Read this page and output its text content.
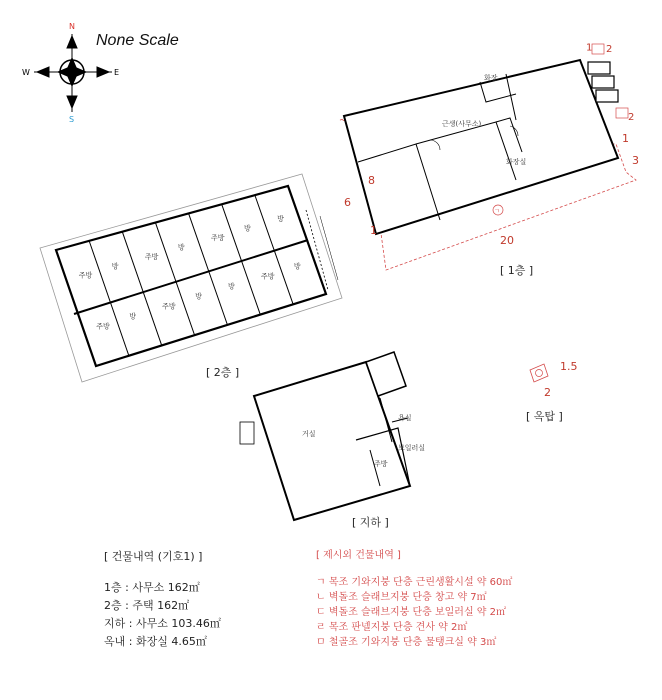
N
S
W	E
None Scale
근생(사무소)
화장
화장실
ㄱ
20
6
8
1
1
3
1 2
2
[ 1층 ]
주방
방
주방
방
주방
방
방
주방
방
주방
방
방
주방
방
[ 2층 ]
거실
욕실
보일러실
주방
[ 지하 ]
1.5
2
[ 옥탑 ]
[ 건물내역 (기호1) ]
1층 : 사무소 162㎡
2층 : 주택 162㎡
지하 : 사무소 103.46㎡
옥내 : 화장실 4.65㎡
[ 제시외 건물내역 ]
ㄱ 목조 기와지붕 단층 근린생활시설 약 60㎡
ㄴ 벽돌조 슬래브지붕 단층 창고 약 7㎡
ㄷ 벽돌조 슬래브지붕 단층 보일러실 약 2㎡
ㄹ 목조 판넬지붕 단층 견사 약 2㎡
ㅁ 철골조 기와지붕 단층 물탱크실 약 3㎡
